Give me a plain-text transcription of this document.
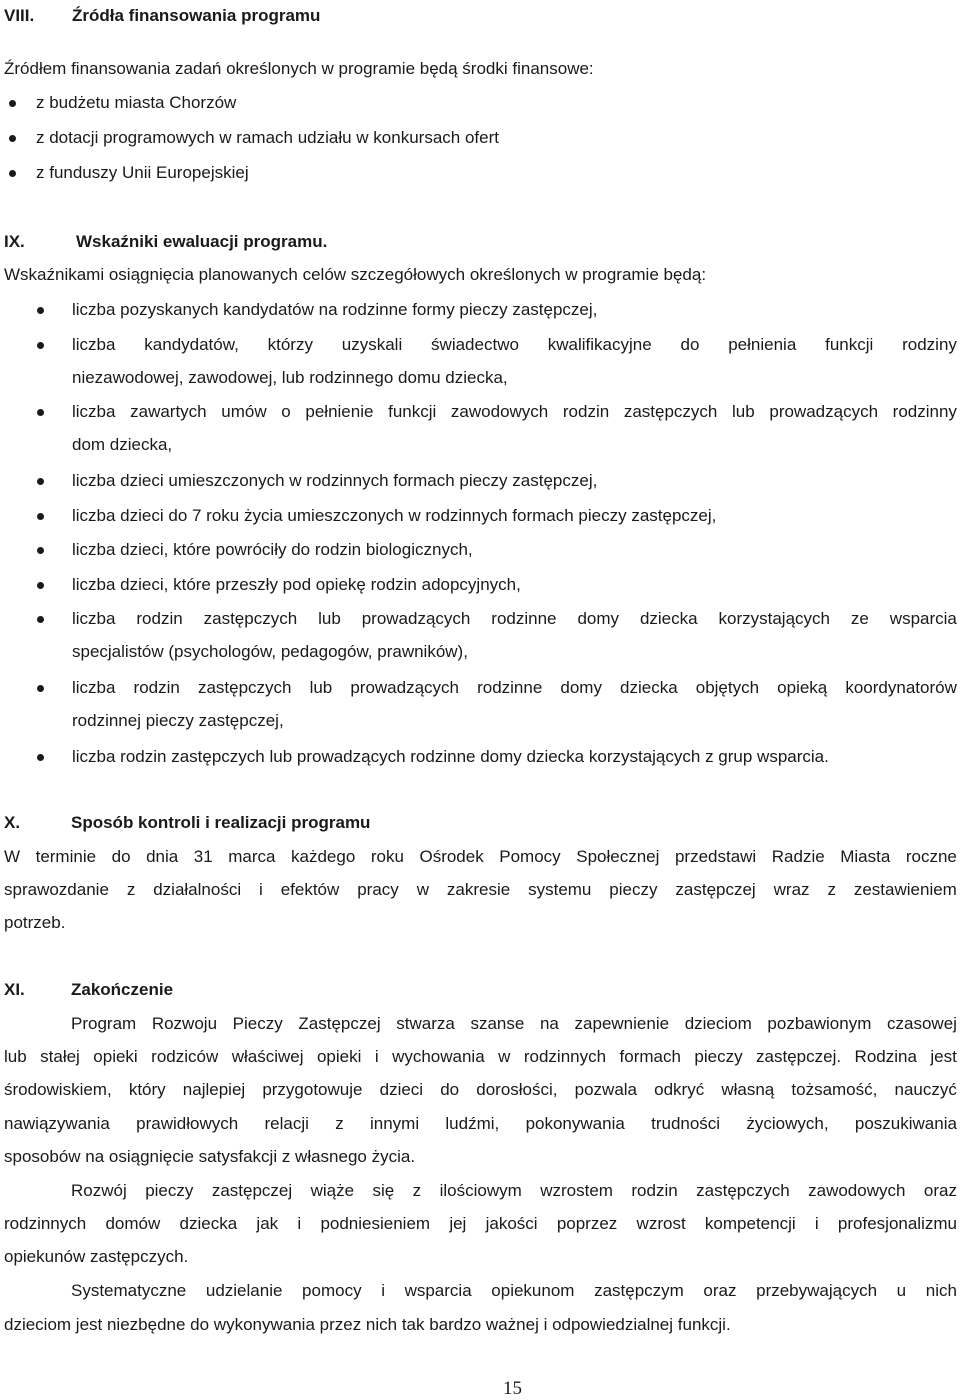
VIII. Źródła finansowania programu
Źródłem finansowania zadań określonych w programie będą środki finansowe:
z budżetu miasta Chorzów
z dotacji programowych w ramach udziału w konkursach ofert
z funduszy Unii Europejskiej
IX.	Wskaźniki ewaluacji programu.
Wskaźnikami osiągnięcia planowanych celów szczegółowych określonych w programie będą:
liczba pozyskanych kandydatów na rodzinne formy pieczy zastępczej,
liczba kandydatów, którzy uzyskali świadectwo kwalifikacyjne do pełnienia funkcji rodziny
niezawodowej, zawodowej, lub rodzinnego domu dziecka,
liczba zawartych umów o pełnienie funkcji zawodowych rodzin zastępczych lub prowadzących rodzinny
dom dziecka,
liczba dzieci umieszczonych w rodzinnych formach pieczy zastępczej,
liczba dzieci do 7 roku życia umieszczonych w rodzinnych formach pieczy zastępczej,
liczba dzieci, które powróciły do rodzin biologicznych,
liczba dzieci, które przeszły pod opiekę rodzin adopcyjnych,
liczba rodzin zastępczych lub prowadzących rodzinne domy dziecka korzystających ze wsparcia
specjalistów (psychologów, pedagogów, prawników),
liczba rodzin zastępczych lub prowadzących rodzinne domy dziecka objętych opieką koordynatorów
rodzinnej pieczy zastępczej,
liczba rodzin zastępczych lub prowadzących rodzinne domy dziecka korzystających z grup wsparcia.
X.	Sposób kontroli i realizacji programu
W terminie do dnia 31 marca każdego roku Ośrodek Pomocy Społecznej przedstawi Radzie Miasta roczne
sprawozdanie z działalności i efektów pracy w zakresie systemu pieczy zastępczej wraz z zestawieniem
potrzeb.
XI.	Zakończenie
Program Rozwoju Pieczy Zastępczej stwarza szanse na zapewnienie dzieciom pozbawionym czasowej
lub stałej opieki rodziców właściwej opieki i wychowania w rodzinnych formach pieczy zastępczej. Rodzina jest
środowiskiem, który najlepiej przygotowuje dzieci do dorosłości, pozwala odkryć własną tożsamość, nauczyć
nawiązywania prawidłowych relacji z innymi ludźmi, pokonywania trudności życiowych, poszukiwania
sposobów na osiągnięcie satysfakcji z własnego życia.
Rozwój pieczy zastępczej wiąże się z ilościowym wzrostem rodzin zastępczych zawodowych oraz
rodzinnych domów dziecka jak i podniesieniem jej jakości poprzez wzrost kompetencji i profesjonalizmu
opiekunów zastępczych.
Systematyczne udzielanie pomocy i wsparcia opiekunom zastępczym oraz przebywających u nich
dzieciom jest niezbędne do wykonywania przez nich tak bardzo ważnej i odpowiedzialnej funkcji.
15
